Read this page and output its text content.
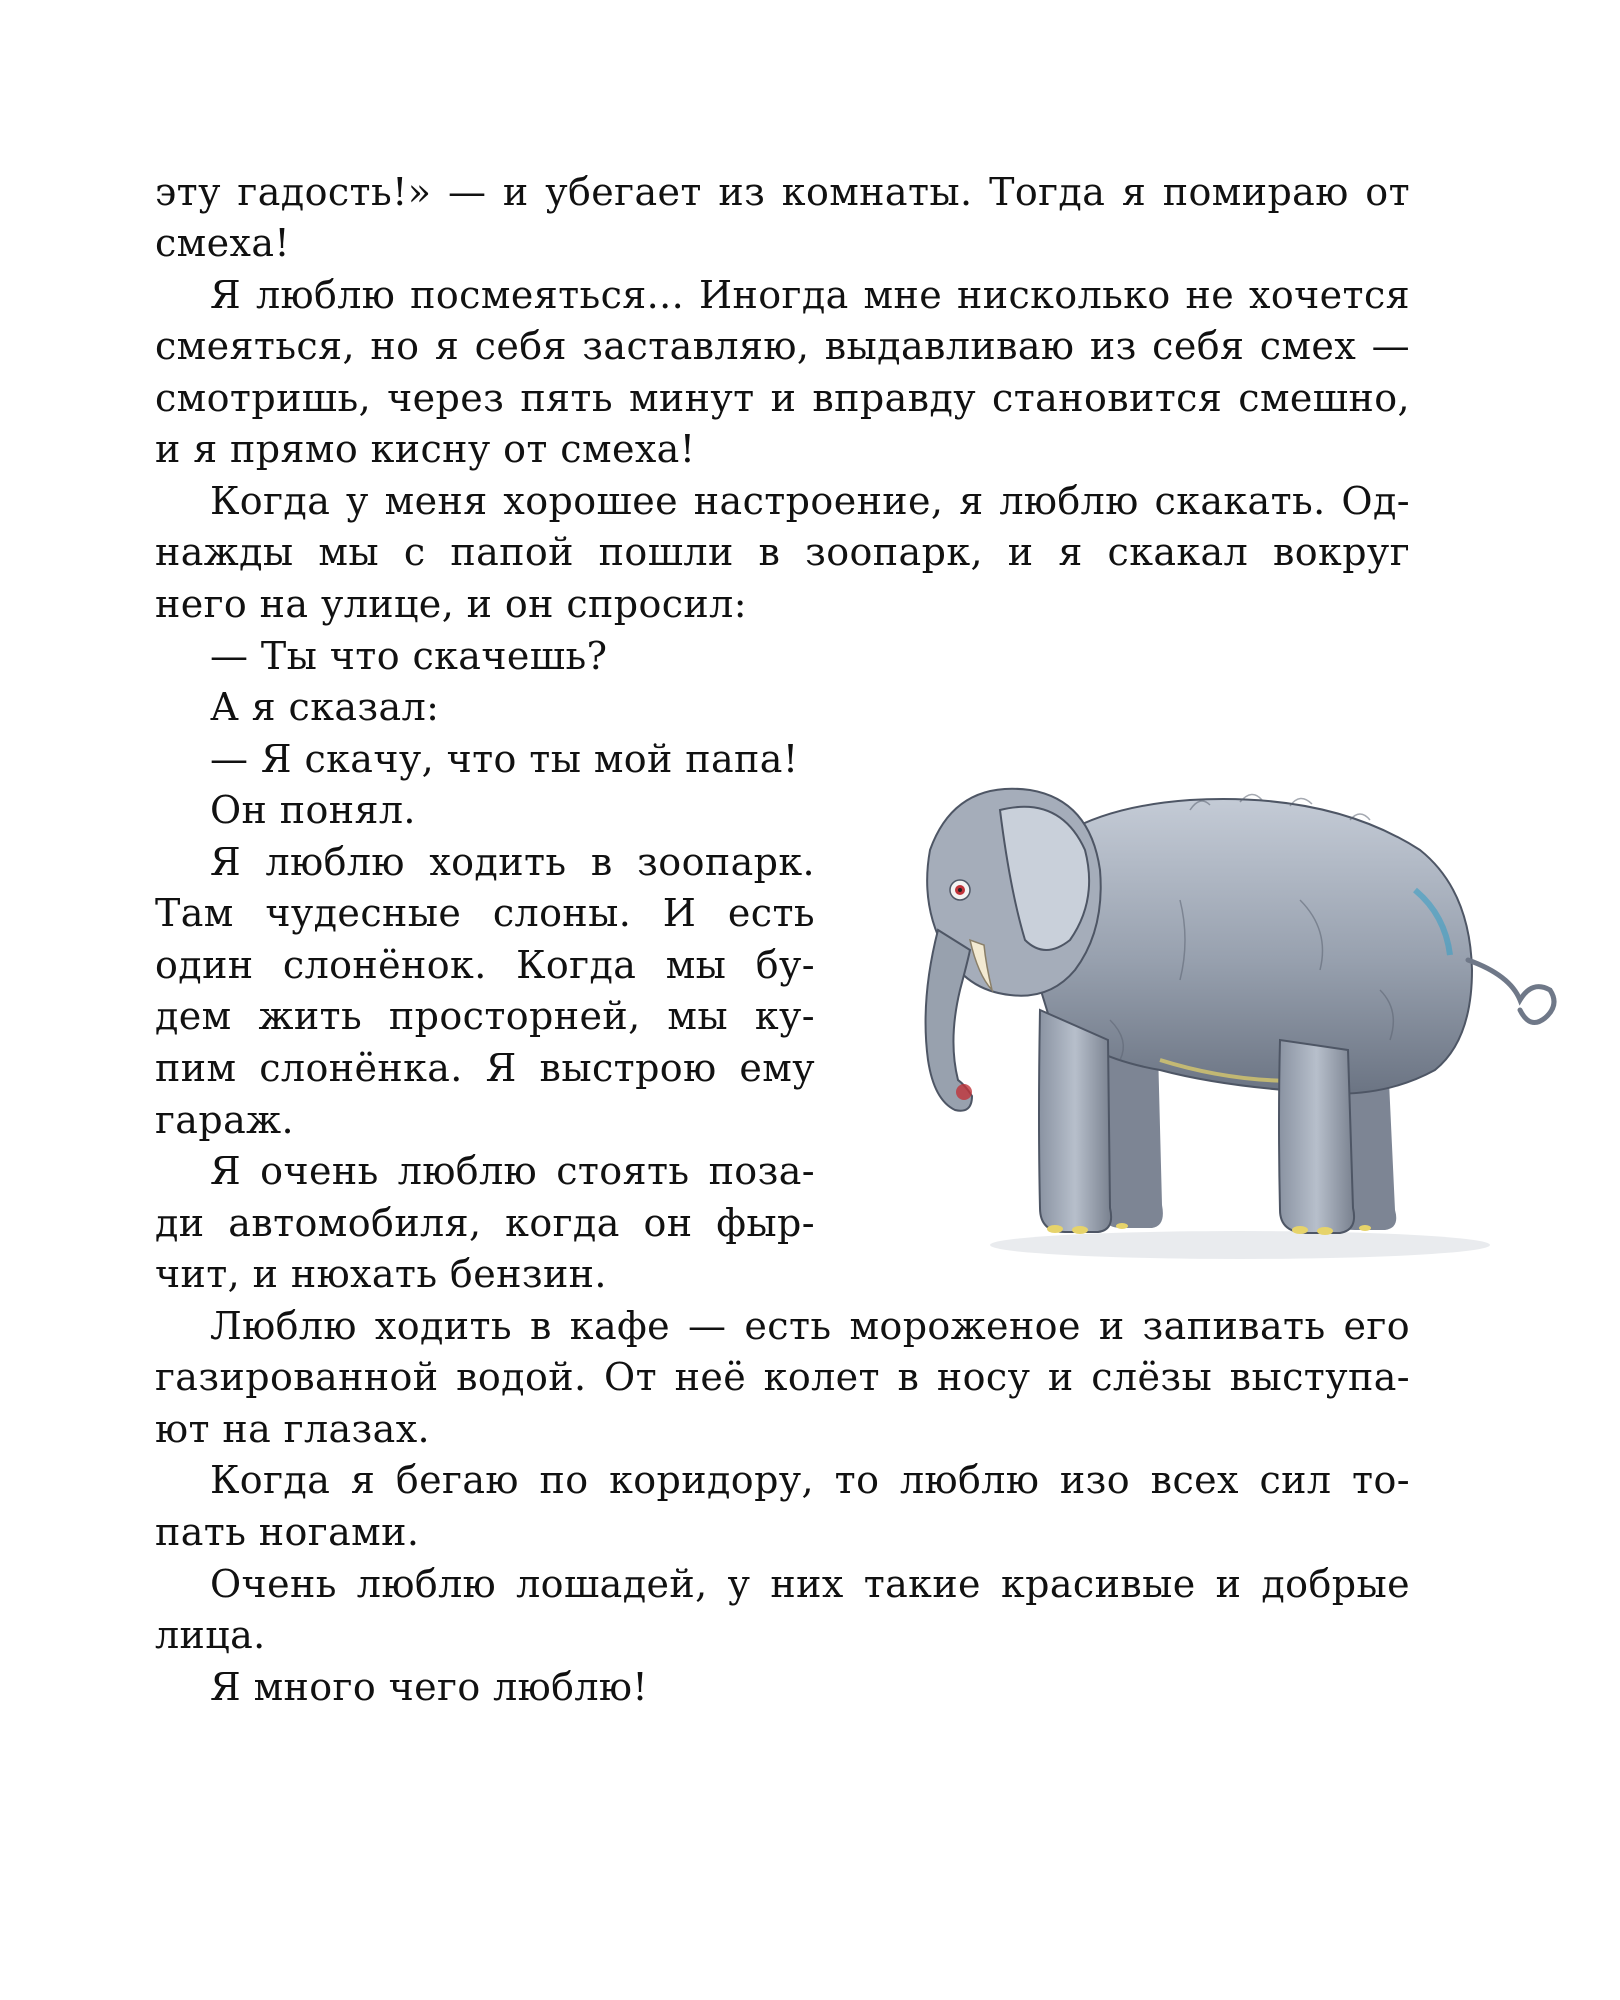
эту гадость!» — и убегает из комнаты. Тогда я помираю от
смеха!
Я люблю посмеяться... Иногда мне нисколько не хочется
смеяться, но я себя заставляю, выдавливаю из себя смех —
смотришь, через пять минут и вправду становится смешно,
и я прямо кисну от смеха!
Когда у меня хорошее настроение, я люблю скакать. Од-
нажды мы с папой пошли в зоопарк, и я скакал вокруг
него на улице, и он спросил:
— Ты что скачешь?
А я сказал:
— Я скачу, что ты мой папа!
Он понял.
Я люблю ходить в зоопарк.
Там чудесные слоны. И есть
один слонёнок. Когда мы бу-
дем жить просторней, мы ку-
пим слонёнка. Я выстрою ему
гараж.
Я очень люблю стоять поза-
ди автомобиля, когда он фыр-
чит, и нюхать бензин.
Люблю ходить в кафе — есть мороженое и запивать его
газированной водой. От неё колет в носу и слёзы выступа-
ют на глазах.
Когда я бегаю по коридору, то люблю изо всех сил то-
пать ногами.
Очень люблю лошадей, у них такие красивые и добрые
лица.
Я много чего люблю!
